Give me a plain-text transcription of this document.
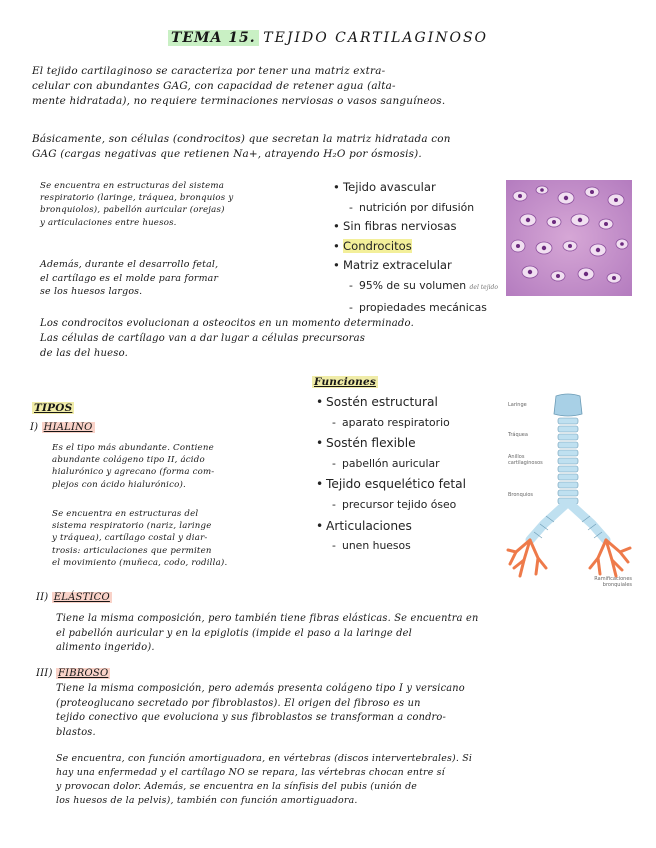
TEMA 15. TEJIDO CARTILAGINOSO
El tejido cartilaginoso se caracteriza por tener una matriz extra-
celular con abundantes GAG, con capacidad de retener agua (alta-
mente hidratada), no requiere terminaciones nerviosas o vasos sanguíneos.
Básicamente, son células (condrocitos) que secretan la matriz hidratada con
GAG (cargas negativas que retienen Na+, atrayendo H₂O por ósmosis).
Se encuentra en estructuras del sistema
respiratorio (laringe, tráquea, bronquios y
bronquiolos), pabellón auricular (orejas)
y articulaciones entre huesos.
Además, durante el desarrollo fetal,
el cartílago es el molde para formar
se los huesos largos.
• Tejido avascular
- nutrición por difusión
• Sin fibras nerviosas
• Condrocitos
• Matriz extracelular
- 95% de su volumen del tejido
- propiedades mecánicas
Los condrocitos evolucionan a osteocitos en un momento determinado.
Las células de cartílago van a dar lugar a células precursoras
de las del hueso.
Funciones
• Sostén estructural
- aparato respiratorio
• Sostén flexible
- pabellón auricular
• Tejido esquelético fetal
- precursor tejido óseo
• Articulaciones
- unen huesos
Laringe
Tráquea
Anillos cartilaginosos
Bronquios
Ramificaciones bronquiales
TIPOS
I) HIALINO
Es el tipo más abundante. Contiene
abundante colágeno tipo II, ácido
hialurónico y agrecano (forma com-
plejos con ácido hialurónico).
Se encuentra en estructuras del
sistema respiratorio (nariz, laringe
y tráquea), cartílago costal y diar-
trosis: articulaciones que permiten
el movimiento (muñeca, codo, rodilla).
II) ELÁSTICO
Tiene la misma composición, pero también tiene fibras elásticas. Se encuentra en
el pabellón auricular y en la epiglotis (impide el paso a la laringe del
alimento ingerido).
III) FIBROSO
Tiene la misma composición, pero además presenta colágeno tipo I y versicano
(proteoglucano secretado por fibroblastos). El origen del fibroso es un
tejido conectivo que evoluciona y sus fibroblastos se transforman a condro-
blastos.
Se encuentra, con función amortiguadora, en vértebras (discos intervertebrales). Si
hay una enfermedad y el cartílago NO se repara, las vértebras chocan entre sí
y provocan dolor. Además, se encuentra en la sínfisis del pubis (unión de
los huesos de la pelvis), también con función amortiguadora.
